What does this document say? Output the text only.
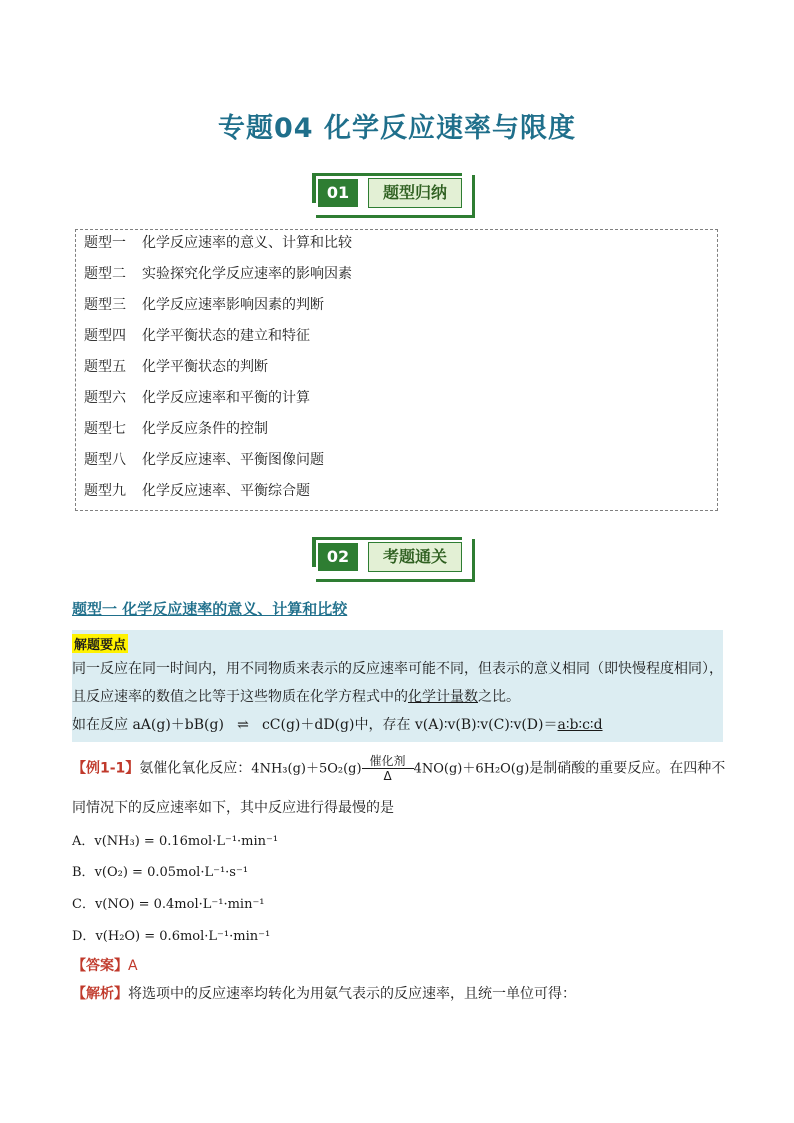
专题04 化学反应速率与限度
01	题型归纳
题型一 化学反应速率的意义、计算和比较
题型二 实验探究化学反应速率的影响因素
题型三 化学反应速率影响因素的判断
题型四 化学平衡状态的建立和特征
题型五 化学平衡状态的判断
题型六 化学反应速率和平衡的计算
题型七 化学反应条件的控制
题型八 化学反应速率、平衡图像问题
题型九 化学反应速率、平衡综合题
02	考题通关
题型一 化学反应速率的意义、计算和比较
解题要点
同一反应在同一时间内，用不同物质来表示的反应速率可能不同，但表示的意义相同（即快慢程度相同），
且反应速率的数值之比等于这些物质在化学方程式中的化学计量数之比。
如在反应 aA(g)＋bB(g) ⇌ cC(g)＋dD(g)中，存在 v(A)∶v(B)∶v(C)∶v(D)＝a∶b∶c∶d
【例1-1】氨催化氧化反应：4NH₃(g)＋5O₂(g)
催化剂
Δ	4NO(g)＋6H₂O(g)是制硝酸的重要反应。在四种不
同情况下的反应速率如下，其中反应进行得最慢的是
A．v(NH₃) = 0.16mol·L⁻¹·min⁻¹
B．v(O₂) = 0.05mol·L⁻¹·s⁻¹
C．v(NO) = 0.4mol·L⁻¹·min⁻¹
D．v(H₂O) = 0.6mol·L⁻¹·min⁻¹
【答案】A
【解析】将选项中的反应速率均转化为用氨气表示的反应速率，且统一单位可得：
